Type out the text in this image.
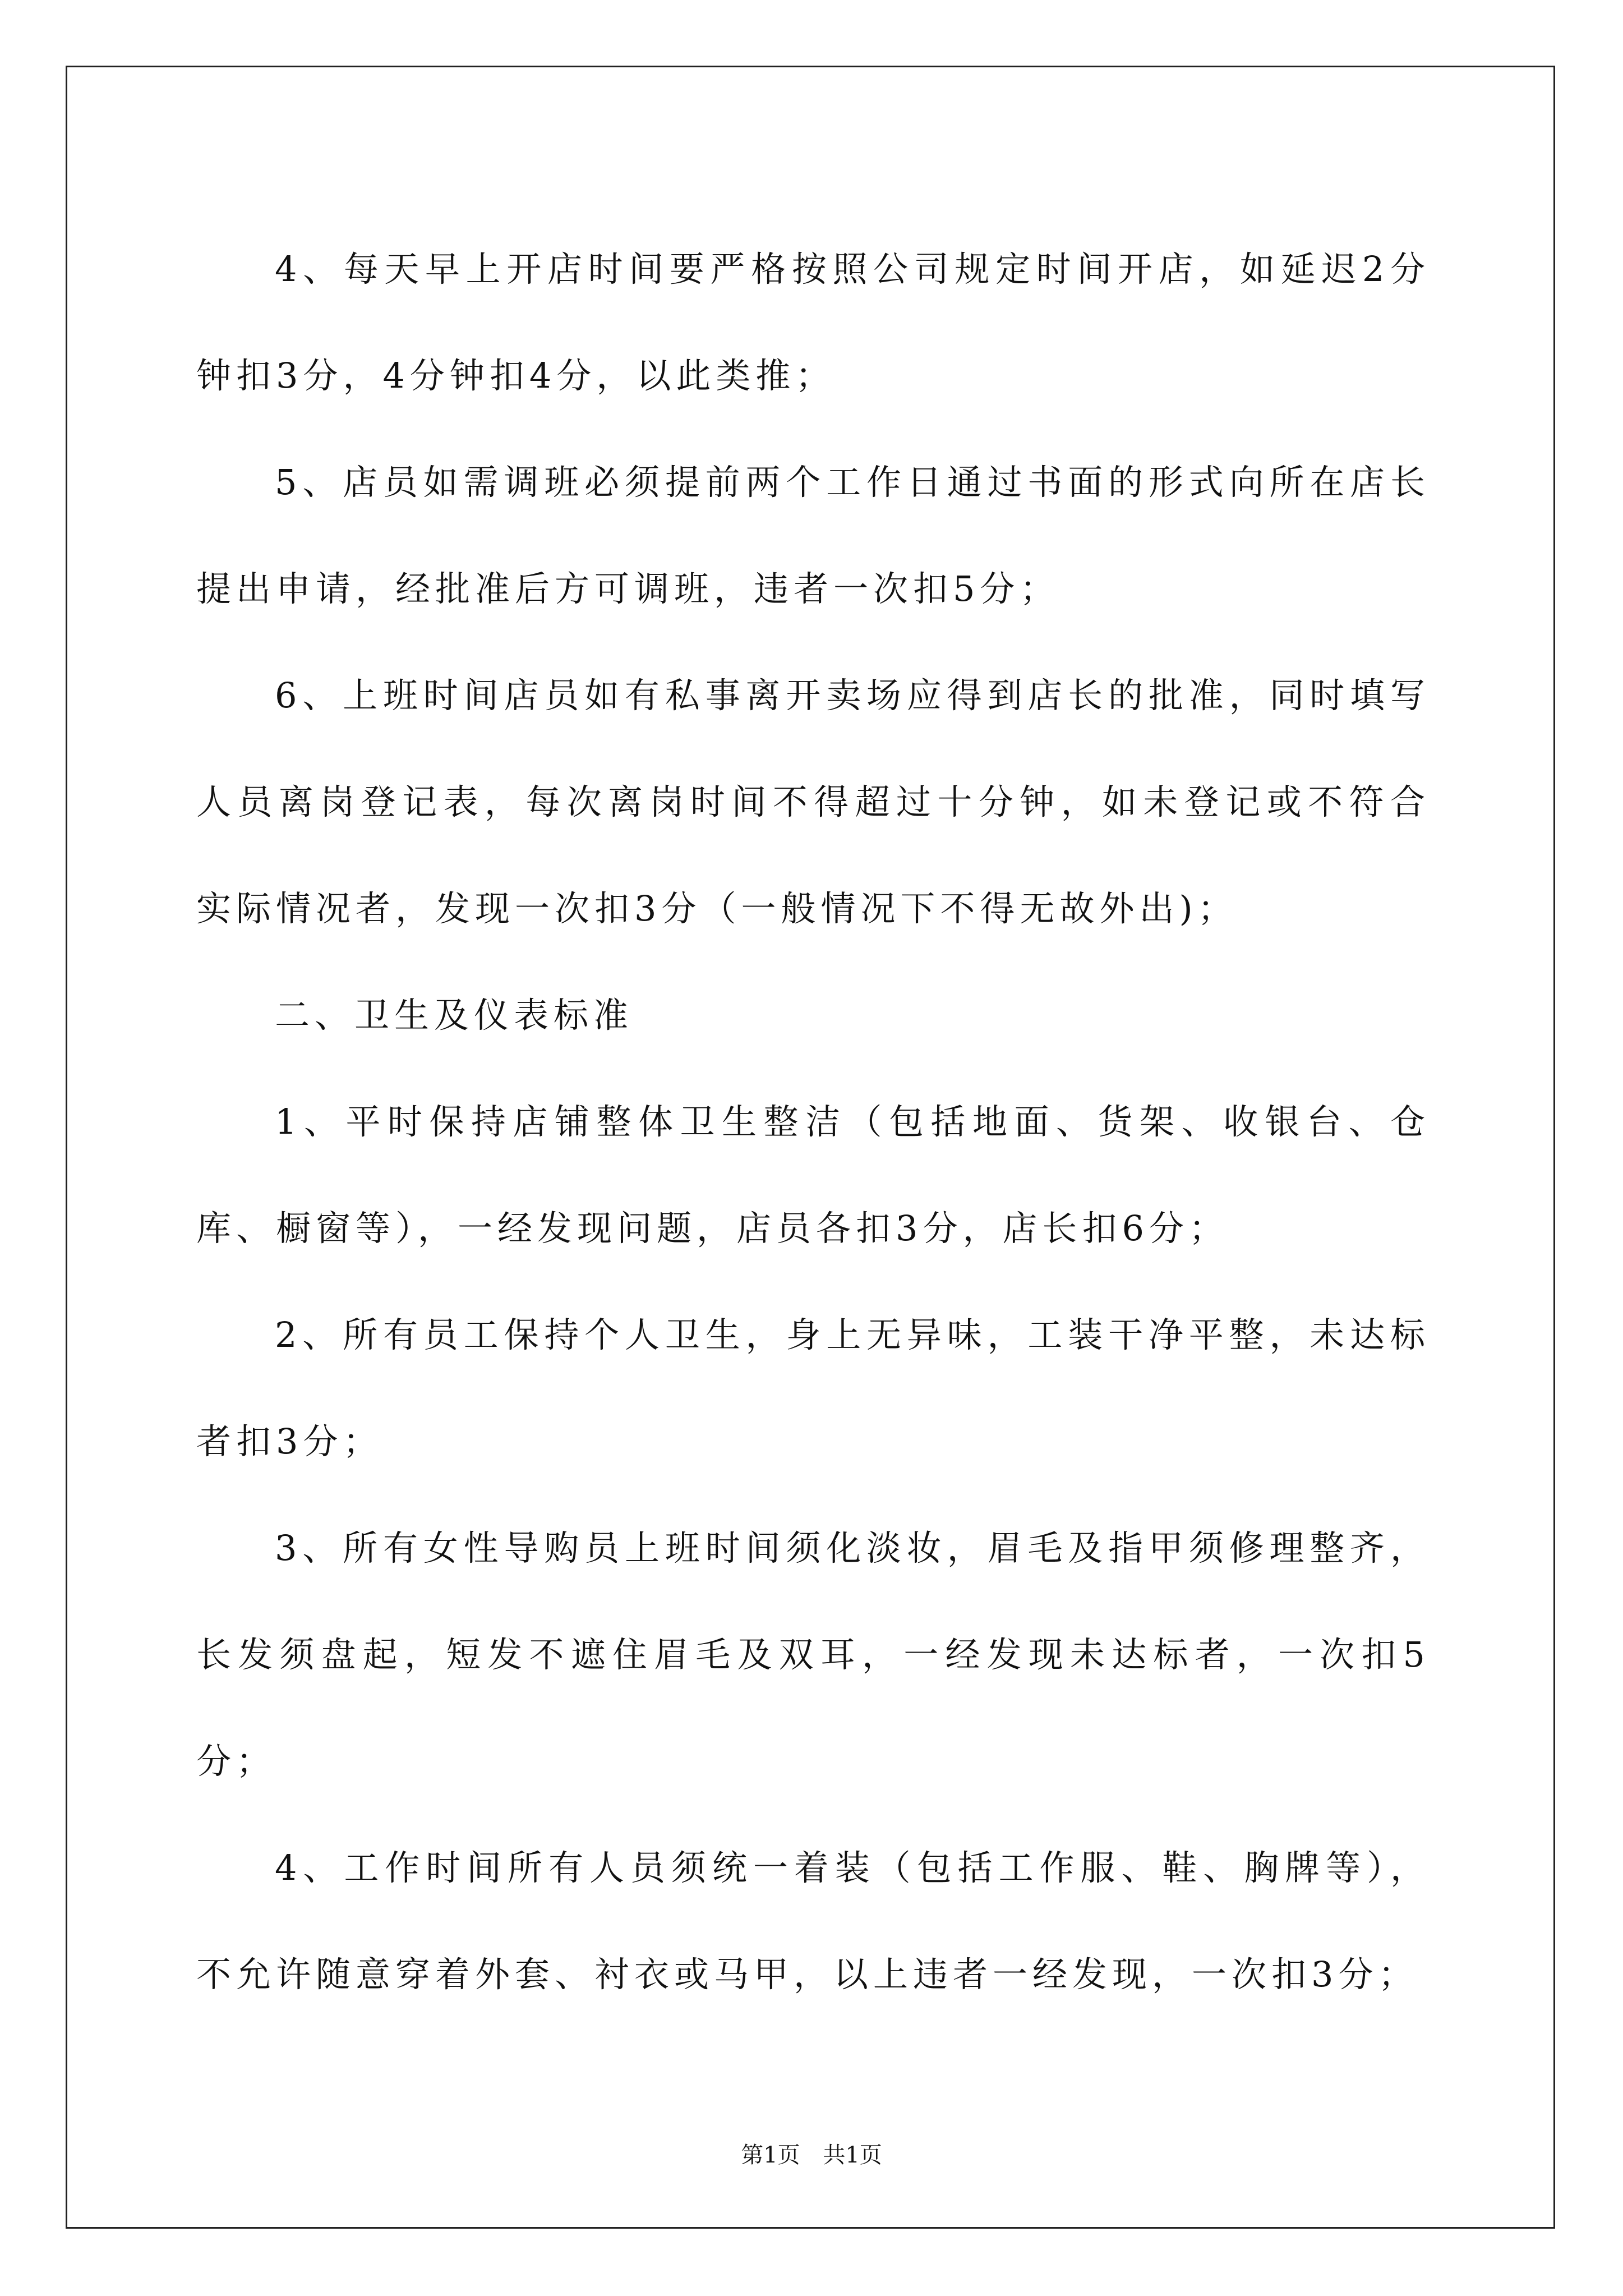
4、每天早上开店时间要严格按照公司规定时间开店，如延迟2分钟扣3分，4分钟扣4分，以此类推；

5、店员如需调班必须提前两个工作日通过书面的形式向所在店长提出申请，经批准后方可调班，违者一次扣5分；

6、上班时间店员如有私事离开卖场应得到店长的批准，同时填写人员离岗登记表，每次离岗时间不得超过十分钟，如未登记或不符合实际情况者，发现一次扣3分（一般情况下不得无故外出)；

二、卫生及仪表标准

1、平时保持店铺整体卫生整洁（包括地面、货架、收银台、仓库、橱窗等），一经发现问题，店员各扣3分，店长扣6分；

2、所有员工保持个人卫生，身上无异味，工装干净平整，未达标者扣3分；

3、所有女性导购员上班时间须化淡妆，眉毛及指甲须修理整齐，长发须盘起，短发不遮住眉毛及双耳，一经发现未达标者，一次扣5分；

4、工作时间所有人员须统一着装（包括工作服、鞋、胸牌等），不允许随意穿着外套、衬衣或马甲，以上违者一经发现，一次扣3分；

第1页 共1页
